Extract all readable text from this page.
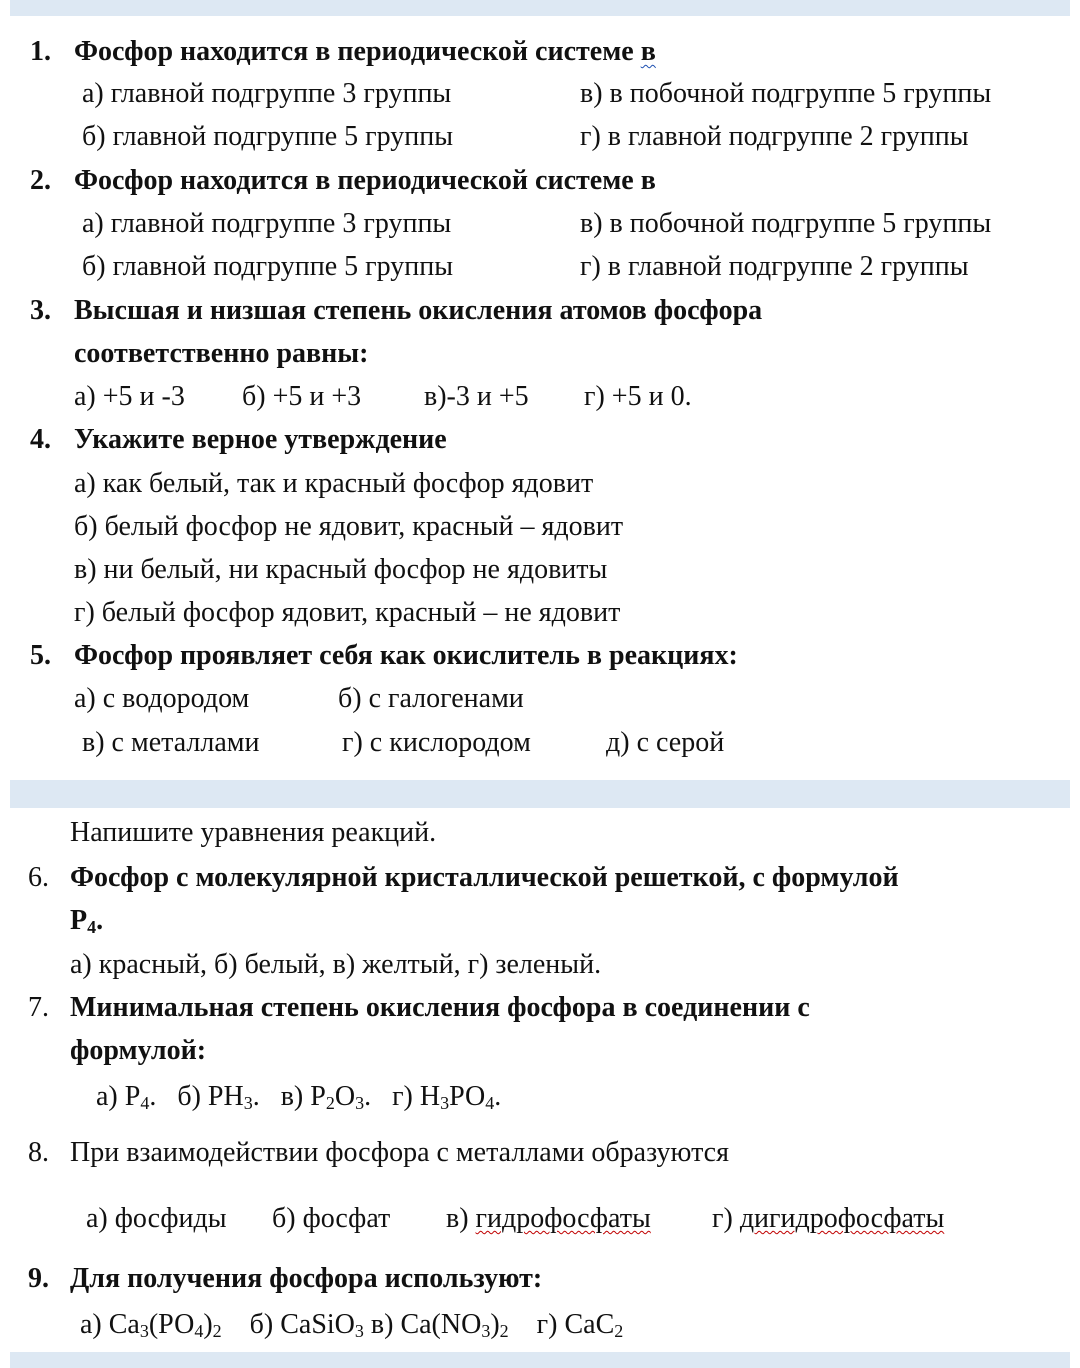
1. Фосфор находится в периодической системе в
а) главной подгруппе 3 группы	в) в побочной подгруппе 5 группы
б) главной подгруппе 5 группы	г) в главной подгруппе 2 группы
2. Фосфор находится в периодической системе в
а) главной подгруппе 3 группы	в) в побочной подгруппе 5 группы
б) главной подгруппе 5 группы	г) в главной подгруппе 2 группы
3. Высшая и низшая степень окисления атомов фосфора
соответственно равны:
а) +5 и -3 б) +5 и +3 в)-3 и +5 г) +5 и 0.
4. Укажите верное утверждение
а) как белый, так и красный фосфор ядовит
б) белый фосфор не ядовит, красный – ядовит
в) ни белый, ни красный фосфор не ядовиты
г) белый фосфор ядовит, красный – не ядовит
5. Фосфор проявляет себя как окислитель в реакциях:
а) с водородом	б) с галогенами
в) с металлами	г) с кислородом	д) с серой
Напишите уравнения реакций.
6. Фосфор с молекулярной кристаллической решеткой, с формулой
$Р_4$.
а) красный, б) белый, в) желтый, г) зеленый.
7. Минимальная степень окисления фосфора в соединении с
формулой:
а) $Р_4$. б) $РН_3$. в) $Р_2О_3$. г) $Н_3РО_4$.
8. При взаимодействии фосфора с металлами образуются
а) фосфиды б) фосфат в) гидрофосфаты г) дигидрофосфаты
9. Для получения фосфора используют:
а) $Са_3(РО_4)_2$ б) CaSiO$_3$ в) $Ca(NO_3)_2$ г) CaC$_2$
